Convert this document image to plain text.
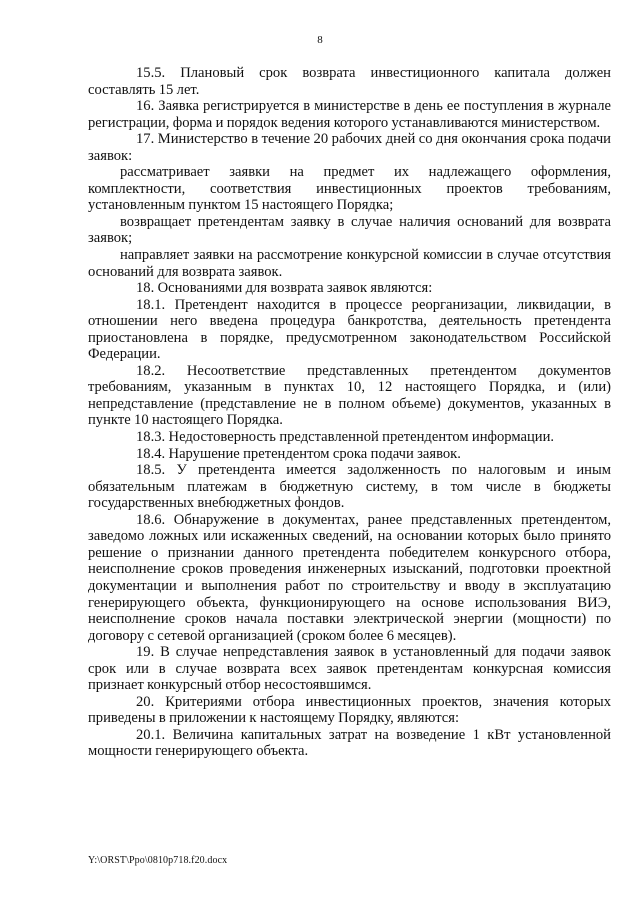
8

15.5. Плановый срок возврата инвестиционного капитала должен составлять 15 лет.

16. Заявка регистрируется в министерстве в день ее поступления в журнале регистрации, форма и порядок ведения которого устанавливаются министерством.

17. Министерство в течение 20 рабочих дней со дня окончания срока подачи заявок:

рассматривает заявки на предмет их надлежащего оформления, комплектности, соответствия инвестиционных проектов требованиям, установленным пунктом 15 настоящего Порядка;

возвращает претендентам заявку в случае наличия оснований для возврата заявок;

направляет заявки на рассмотрение конкурсной комиссии в случае отсутствия оснований для возврата заявок.

18. Основаниями для возврата заявок являются:

18.1. Претендент находится в процессе реорганизации, ликвидации, в отношении него введена процедура банкротства, деятельность претендента приостановлена в порядке, предусмотренном законодательством Российской Федерации.

18.2. Несоответствие представленных претендентом документов требованиям, указанным в пунктах 10, 12 настоящего Порядка, и (или) непредставление (представление не в полном объеме) документов, указанных в пункте 10 настоящего Порядка.

18.3. Недостоверность представленной претендентом информации.

18.4. Нарушение претендентом срока подачи заявок.

18.5. У претендента имеется задолженность по налоговым и иным обязательным платежам в бюджетную систему, в том числе в бюджеты государственных внебюджетных фондов.

18.6. Обнаружение в документах, ранее представленных претендентом, заведомо ложных или искаженных сведений, на основании которых было принято решение о признании данного претендента победителем конкурсного отбора, неисполнение сроков проведения инженерных изысканий, подготовки проектной документации и выполнения работ по строительству и вводу в эксплуатацию генерирующего объекта, функционирующего на основе использования ВИЭ, неисполнение сроков начала поставки электрической энергии (мощности) по договору с сетевой организацией (сроком более 6 месяцев).

19. В случае непредставления заявок в установленный для подачи заявок срок или в случае возврата всех заявок претендентам конкурсная комиссия признает конкурсный отбор несостоявшимся.

20. Критериями отбора инвестиционных проектов, значения которых приведены в приложении к настоящему Порядку, являются:

20.1. Величина капитальных затрат на возведение 1 кВт установленной мощности генерирующего объекта.

Y:\ORST\Ppo\0810p718.f20.docx
